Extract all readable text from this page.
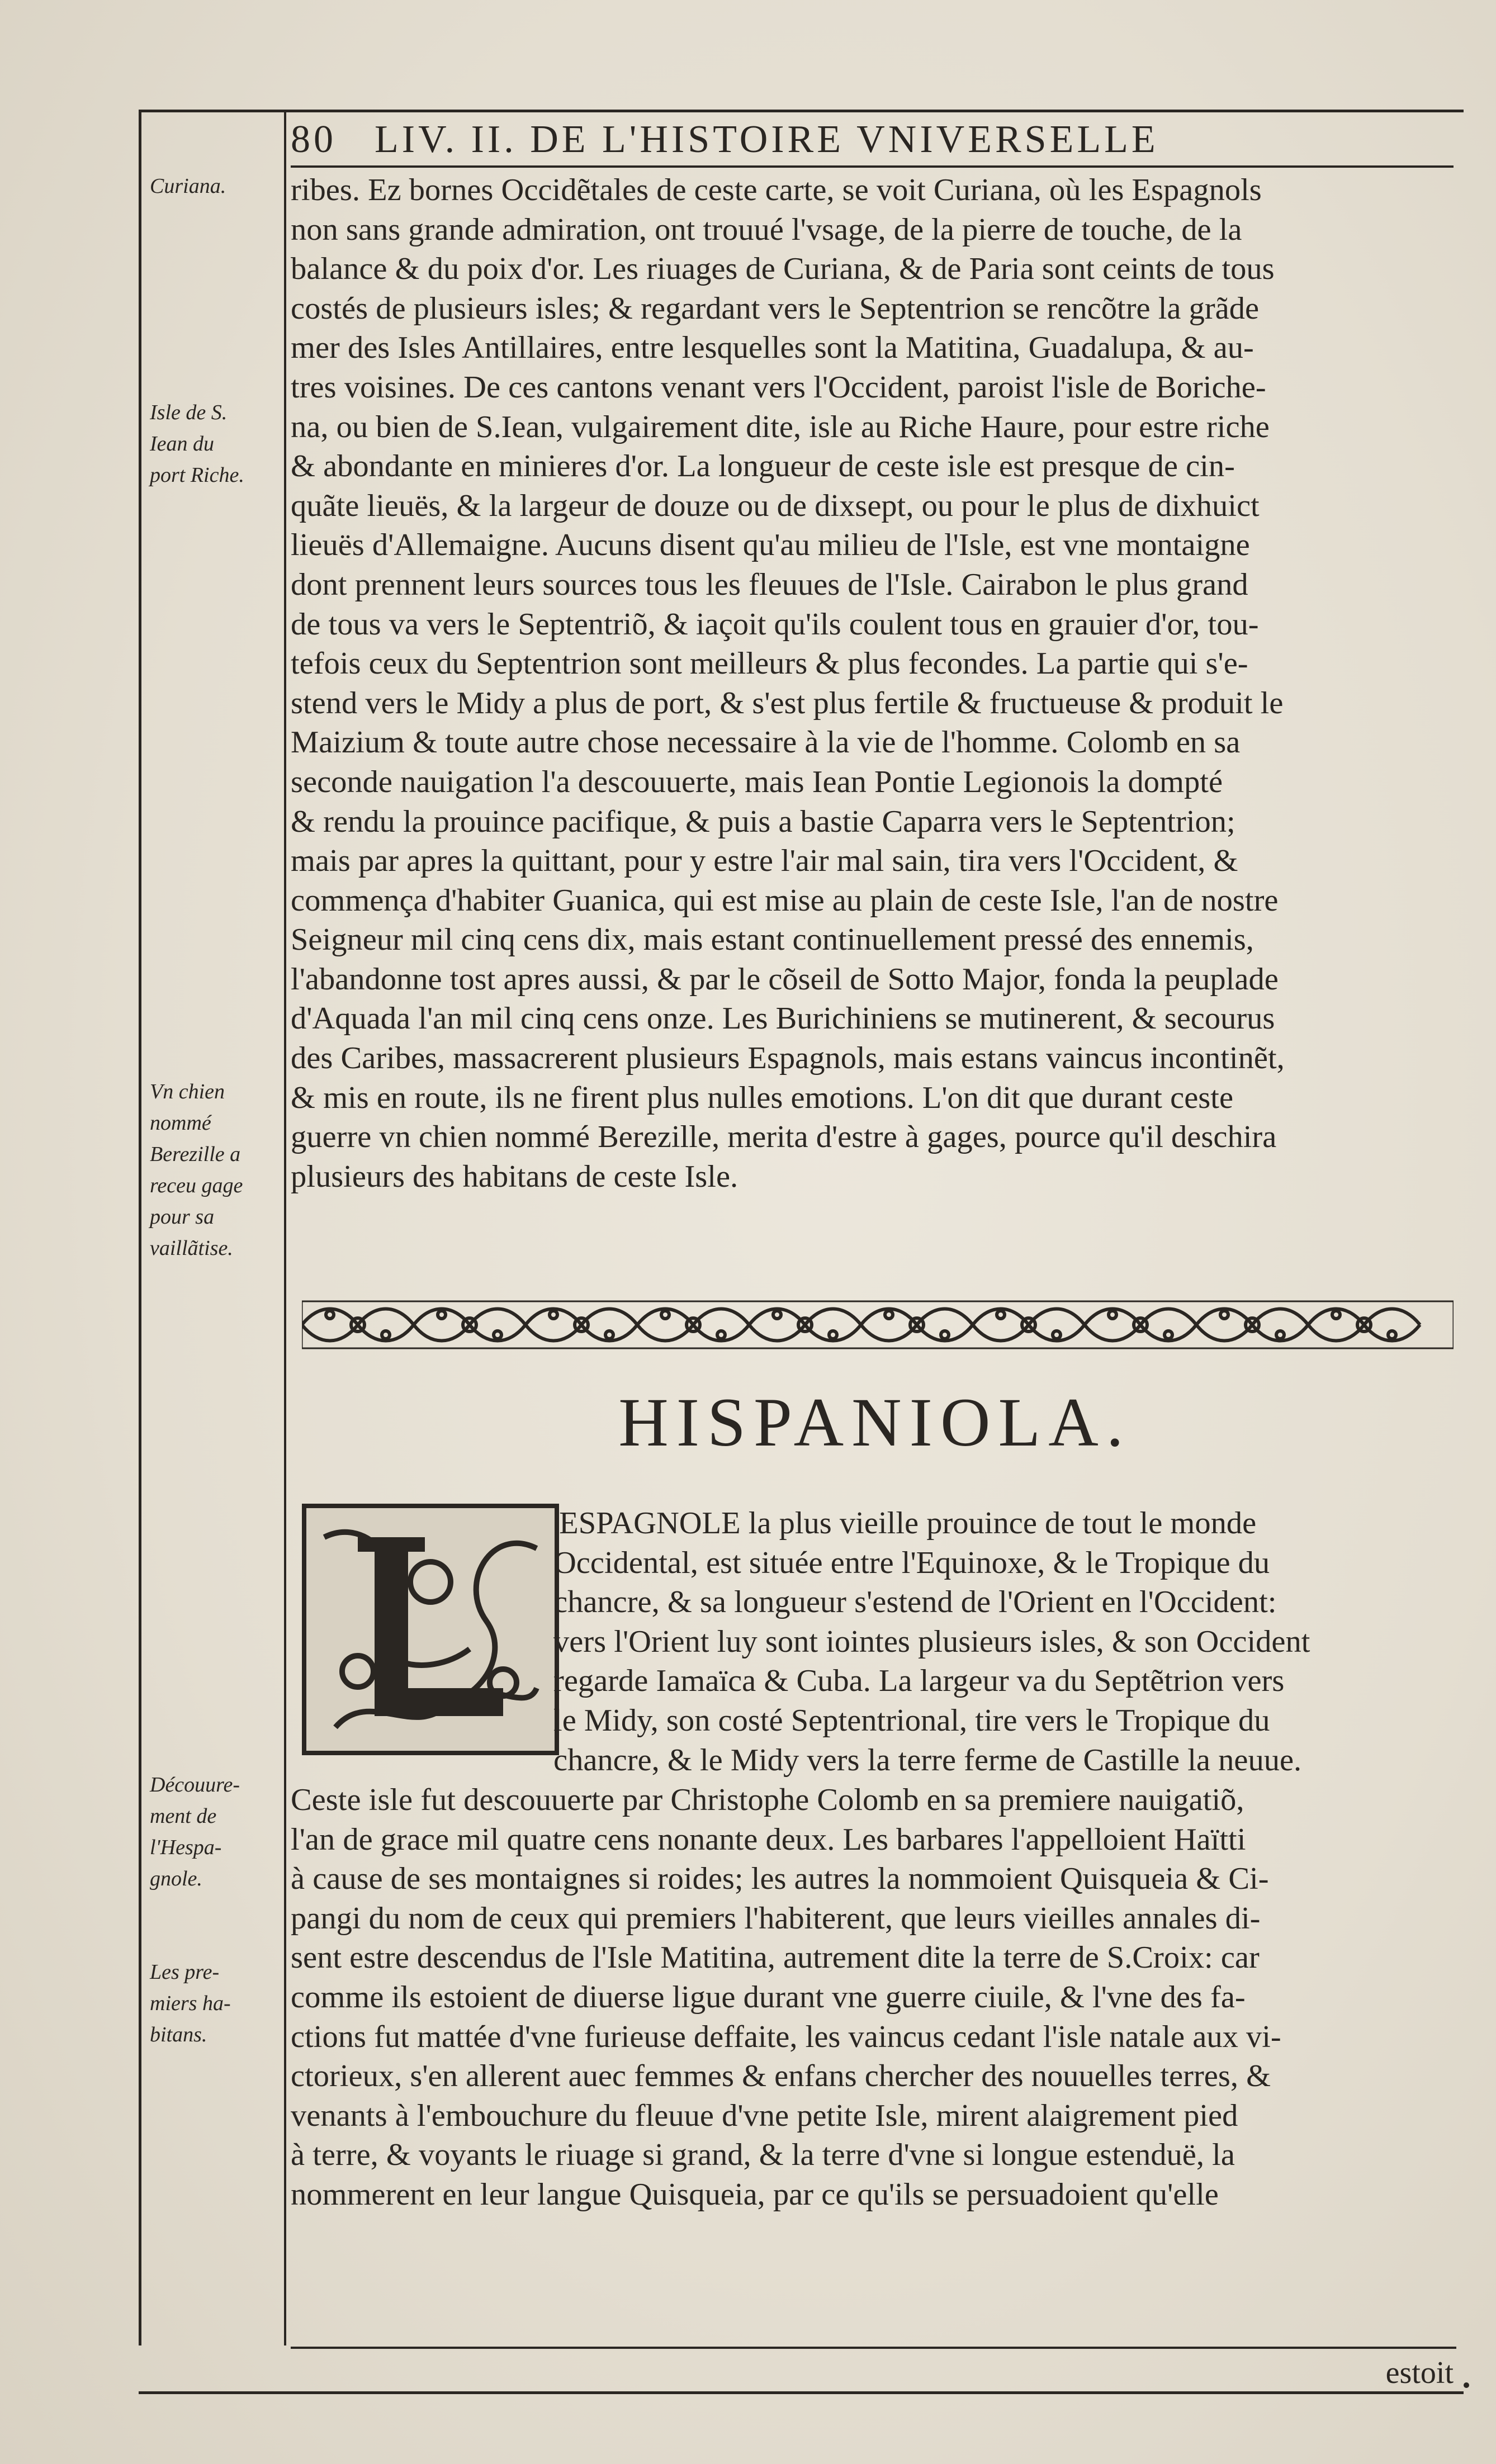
80 LIV. II. DE L'HISTOIRE VNIVERSELLE
Curiana.
Isle de S.
Iean du
port Riche.
Vn chien
nommé
Berezille a
receu gage
pour sa
vaillãtise.
Découure-
ment de
l'Hespa-
gnole.
Les pre-
miers ha-
bitans.
ribes. Ez bornes Occidẽtales de ceste carte, se voit Curiana, où les Espagnols
non sans grande admiration, ont trouué l'vsage, de la pierre de touche, de la
balance & du poix d'or. Les riuages de Curiana, & de Paria sont ceints de tous
costés de plusieurs isles; & regardant vers le Septentrion se rencõtre la grãde
mer des Isles Antillaires, entre lesquelles sont la Matitina, Guadalupa, & au-
tres voisines. De ces cantons venant vers l'Occident, paroist l'isle de Boriche-
na, ou bien de S.Iean, vulgairement dite, isle au Riche Haure, pour estre riche
& abondante en minieres d'or. La longueur de ceste isle est presque de cin-
quãte lieuës, & la largeur de douze ou de dixsept, ou pour le plus de dixhuict
lieuës d'Allemaigne. Aucuns disent qu'au milieu de l'Isle, est vne montaigne
dont prennent leurs sources tous les fleuues de l'Isle. Cairabon le plus grand
de tous va vers le Septentriõ, & iaçoit qu'ils coulent tous en grauier d'or, tou-
tefois ceux du Septentrion sont meilleurs & plus fecondes. La partie qui s'e-
stend vers le Midy a plus de port, & s'est plus fertile & fructueuse & produit le
Maizium & toute autre chose necessaire à la vie de l'homme. Colomb en sa
seconde nauigation l'a descouuerte, mais Iean Pontie Legionois la dompté
& rendu la prouince pacifique, & puis a bastie Caparra vers le Septentrion;
mais par apres la quittant, pour y estre l'air mal sain, tira vers l'Occident, &
commença d'habiter Guanica, qui est mise au plain de ceste Isle, l'an de nostre
Seigneur mil cinq cens dix, mais estant continuellement pressé des ennemis,
l'abandonne tost apres aussi, & par le cõseil de Sotto Major, fonda la peuplade
d'Aquada l'an mil cinq cens onze. Les Burichiniens se mutinerent, & secourus
des Caribes, massacrerent plusieurs Espagnols, mais estans vaincus incontinẽt,
& mis en route, ils ne firent plus nulles emotions. L'on dit que durant ceste
guerre vn chien nommé Berezille, merita d'estre à gages, pource qu'il deschira
plusieurs des habitans de ceste Isle.
HISPANIOLA.
'ESPAGNOLE la plus vieille prouince de tout le monde
Occidental, est située entre l'Equinoxe, & le Tropique du
chancre, & sa longueur s'estend de l'Orient en l'Occident:
vers l'Orient luy sont iointes plusieurs isles, & son Occident
regarde Iamaïca & Cuba. La largeur va du Septẽtrion vers
le Midy, son costé Septentrional, tire vers le Tropique du
chancre, & le Midy vers la terre ferme de Castille la neuue.
Ceste isle fut descouuerte par Christophe Colomb en sa premiere nauigatiõ,
l'an de grace mil quatre cens nonante deux. Les barbares l'appelloient Haïtti
à cause de ses montaignes si roides; les autres la nommoient Quisqueia & Ci-
pangi du nom de ceux qui premiers l'habiterent, que leurs vieilles annales di-
sent estre descendus de l'Isle Matitina, autrement dite la terre de S.Croix: car
comme ils estoient de diuerse ligue durant vne guerre ciuile, & l'vne des fa-
ctions fut mattée d'vne furieuse deffaite, les vaincus cedant l'isle natale aux vi-
ctorieux, s'en allerent auec femmes & enfans chercher des nouuelles terres, &
venants à l'embouchure du fleuue d'vne petite Isle, mirent alaigrement pied
à terre, & voyants le riuage si grand, & la terre d'vne si longue estenduë, la
nommerent en leur langue Quisqueia, par ce qu'ils se persuadoient qu'elle
estoit
